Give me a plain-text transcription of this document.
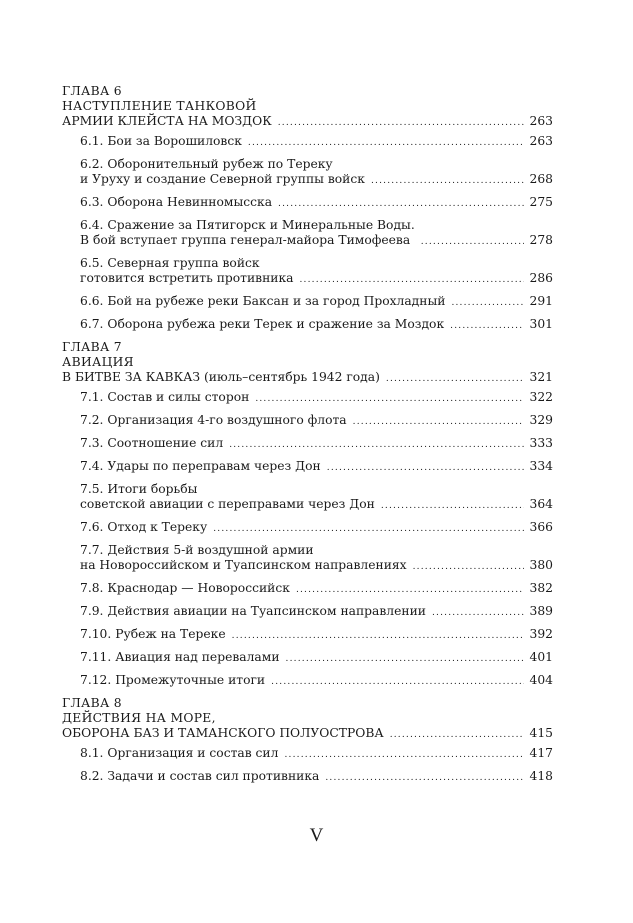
ГЛАВА 6
НАСТУПЛЕНИЕ ТАНКОВОЙ
АРМИИ КЛЕЙСТА НА МОЗДОК .....	263
6.1. Бои за Ворошиловск .....	263
6.2. Оборонительный рубеж по Тереку
и Уруху и создание Северной группы войск .....	268
6.3. Оборона Невинномысска .....	275
6.4. Сражение за Пятигорск и Минеральные Воды.
В бой вступает группа генерал-майора Тимофеева .....	278
6.5. Северная группа войск
готовится встретить противника .....	286
6.6. Бой на рубеже реки Баксан и за город Прохладный .....	291
6.7. Оборона рубежа реки Терек и сражение за Моздок .....	301
ГЛАВА 7
АВИАЦИЯ
В БИТВЕ ЗА КАВКАЗ (июль–сентябрь 1942 года) .....	321
7.1. Состав и силы сторон .....	322
7.2. Организация 4-го воздушного флота .....	329
7.3. Соотношение сил .....	333
7.4. Удары по переправам через Дон .....	334
7.5. Итоги борьбы
советской авиации с переправами через Дон .....	364
7.6. Отход к Тереку .....	366
7.7. Действия 5-й воздушной армии
на Новороссийском и Туапсинском направлениях .....	380
7.8. Краснодар — Новороссийск .....	382
7.9. Действия авиации на Туапсинском направлении .....	389
7.10. Рубеж на Тереке .....	392
7.11. Авиация над перевалами .....	401
7.12. Промежуточные итоги .....	404
ГЛАВА 8
ДЕЙСТВИЯ НА МОРЕ,
ОБОРОНА БАЗ И ТАМАНСКОГО ПОЛУОСТРОВА .....	415
8.1. Организация и состав сил .....	417
8.2. Задачи и состав сил противника .....	418
V
